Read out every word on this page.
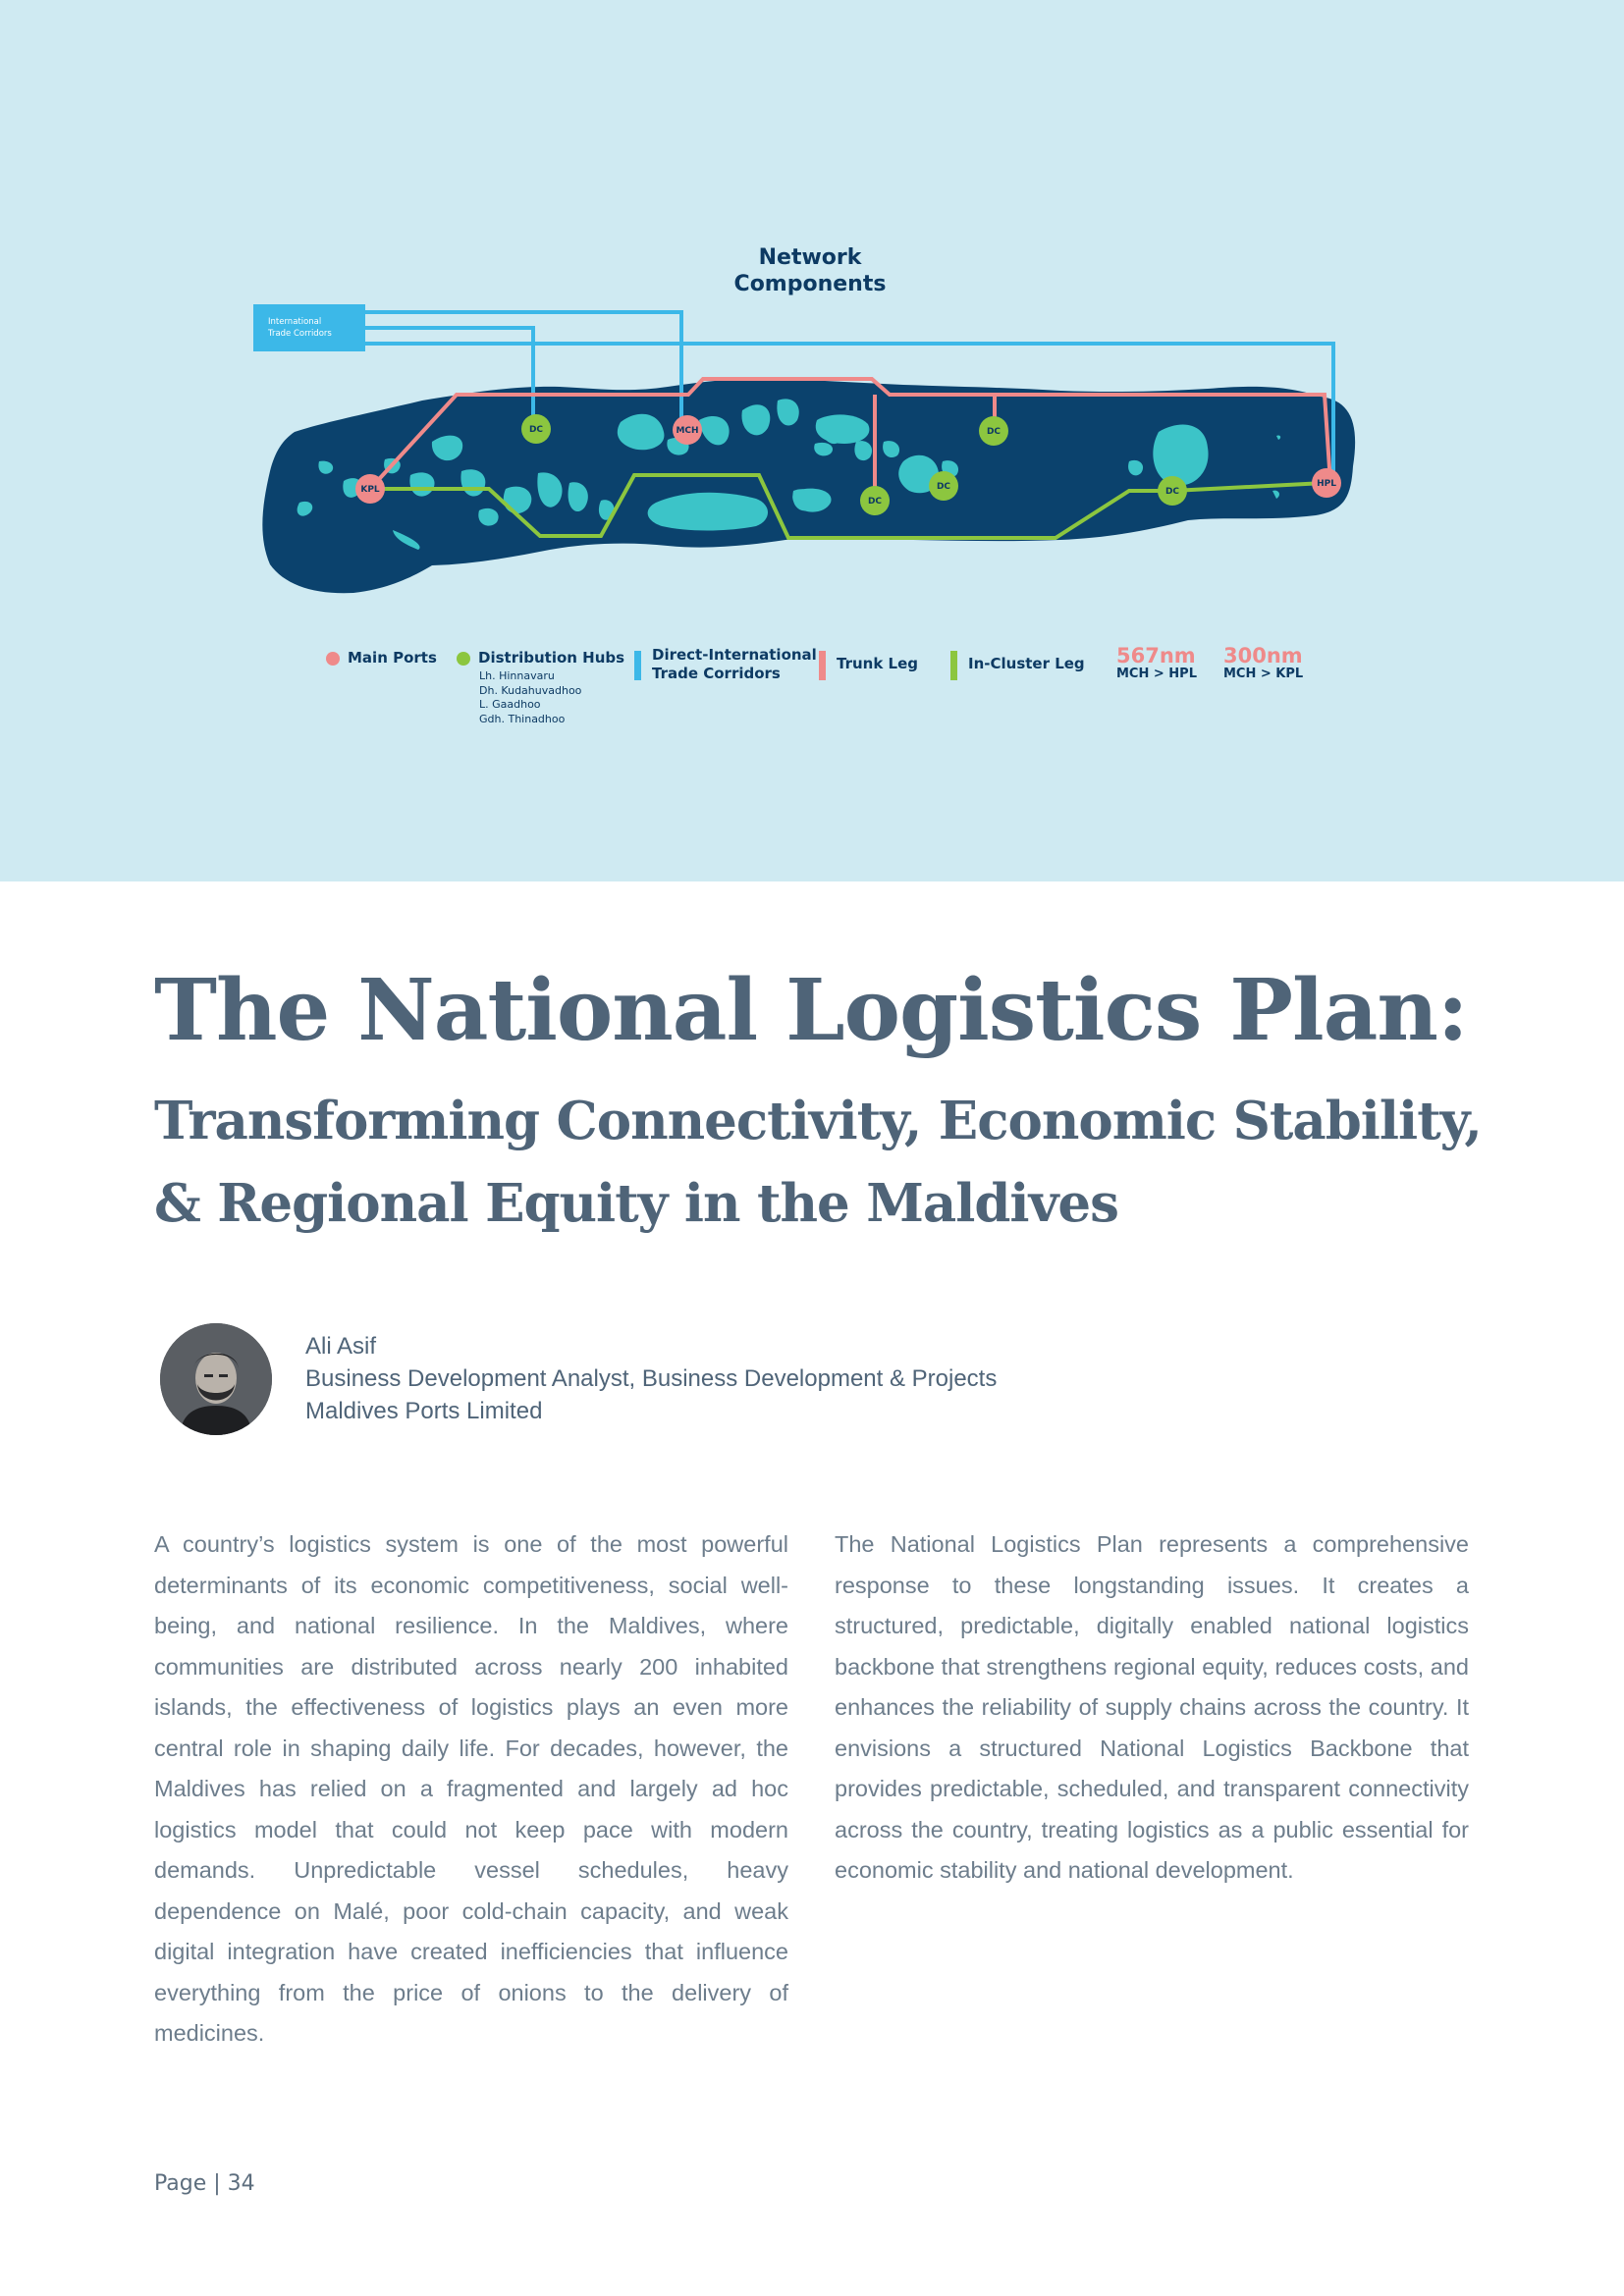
Network
Components
International
Trade Corridors
KPL
MCH
HPL
DC	DC
DC
DC
DC
Main Ports	Distribution Hubs
Lh. Hinnavaru
Dh. Kudahuvadhoo
L. Gaadhoo
Gdh. Thinadhoo
Direct-International
Trade Corridors
Trunk Leg	In-Cluster Leg 567nm
MCH > HPL
300nm
MCH > KPL
The National Logistics Plan:
Transforming Connectivity, Economic Stability, & Regional Equity in the Maldives
Ali Asif
Business Development Analyst, Business Development & Projects
Maldives Ports Limited

A country’s logistics system is one of the most powerful determinants of its economic competitiveness, social well-being, and national resilience. In the Maldives, where communities are distributed across nearly 200 inhabited islands, the effectiveness of logistics plays an even more central role in shaping daily life. For decades, however, the Maldives has relied on a fragmented and largely ad hoc logistics model that could not keep pace with modern demands. Unpredictable vessel schedules, heavy dependence on Malé, poor cold-chain capacity, and weak digital integration have created inefficiencies that influence everything from the price of onions to the delivery of medicines.

The National Logistics Plan represents a comprehensive response to these longstanding issues. It creates a structured, predictable, digitally enabled national logistics backbone that strengthens regional equity, reduces costs, and enhances the reliability of supply chains across the country. It envisions a structured National Logistics Backbone that provides predictable, scheduled, and transparent connectivity across the country, treating logistics as a public essential for economic stability and national development.

Page | 34
